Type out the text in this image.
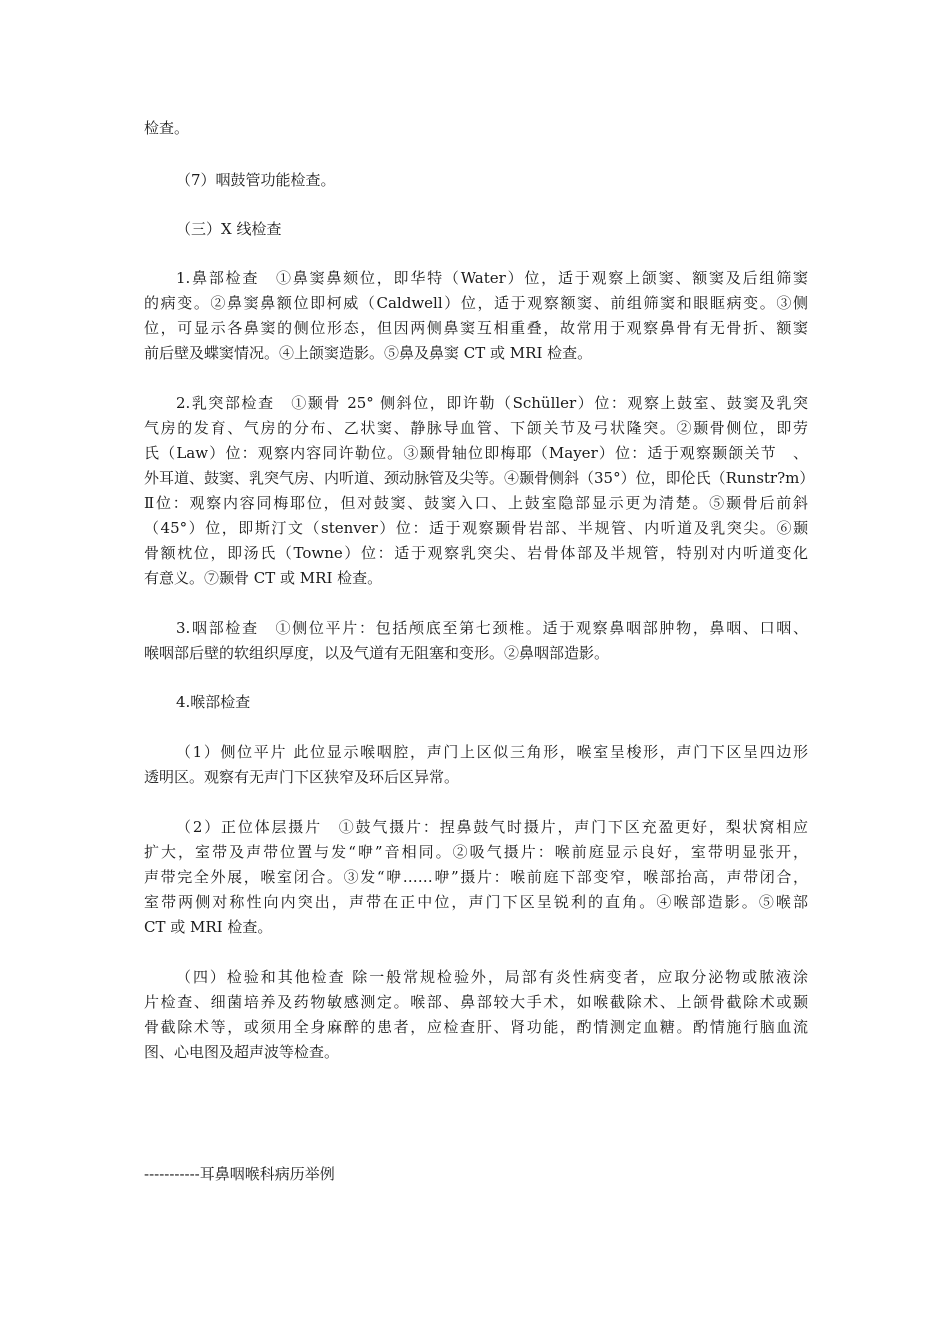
检查。

（7）咽鼓管功能检查。

（三）X 线检查

1.鼻部检查　①鼻窦鼻颏位，即华特（Water）位，适于观察上颌窦、额窦及后组筛窦

的病变。②鼻窦鼻额位即柯威（Caldwell）位，适于观察额窦、前组筛窦和眼眶病变。③侧

位，可显示各鼻窦的侧位形态，但因两侧鼻窦互相重叠，故常用于观察鼻骨有无骨折、额窦

前后壁及蝶窦情况。④上颌窦造影。⑤鼻及鼻窦 CT 或 MRI 检查。

2.乳突部检查　①颞骨 25° 侧斜位，即许勒（Schüller）位：观察上鼓室、鼓窦及乳突

气房的发育、气房的分布、乙状窦、静脉导血管、下颌关节及弓状隆突。②颞骨侧位，即劳

氏（Law）位：观察内容同许勒位。③颞骨轴位即梅耶（Mayer）位：适于观察颞颌关节　、

外耳道、鼓窦、乳突气房、内听道、颈动脉管及尖等。④颞骨侧斜（35°）位，即伦氏（Runstr?m）

Ⅱ位：观察内容同梅耶位，但对鼓窦、鼓窦入口、上鼓室隐部显示更为清楚。⑤颞骨后前斜

（45°）位，即斯汀文（stenver）位：适于观察颞骨岩部、半规管、内听道及乳突尖。⑥颞

骨额枕位，即汤氏（Towne）位：适于观察乳突尖、岩骨体部及半规管，特别对内听道变化

有意义。⑦颞骨 CT 或 MRI 检查。

3.咽部检查　①侧位平片：包括颅底至第七颈椎。适于观察鼻咽部肿物，鼻咽、口咽、

喉咽部后壁的软组织厚度，以及气道有无阻塞和变形。②鼻咽部造影。

4.喉部检查

（1）侧位平片 此位显示喉咽腔，声门上区似三角形，喉室呈梭形，声门下区呈四边形

透明区。观察有无声门下区狭窄及环后区异常。

（2）正位体层摄片　①鼓气摄片：捏鼻鼓气时摄片，声门下区充盈更好，梨状窝相应

扩大，室带及声带位置与发“咿”音相同。②吸气摄片：喉前庭显示良好，室带明显张开，

声带完全外展，喉室闭合。③发“咿……咿”摄片：喉前庭下部变窄，喉部抬高，声带闭合，

室带两侧对称性向内突出，声带在正中位，声门下区呈锐利的直角。④喉部造影。⑤喉部

CT 或 MRI 检查。

（四）检验和其他检查 除一般常规检验外，局部有炎性病变者，应取分泌物或脓液涂

片检查、细菌培养及药物敏感测定。喉部、鼻部较大手术，如喉截除术、上颌骨截除术或颞

骨截除术等，或须用全身麻醉的患者，应检查肝、肾功能，酌情测定血糖。酌情施行脑血流

图、心电图及超声波等检查。

-----------耳鼻咽喉科病历举例
